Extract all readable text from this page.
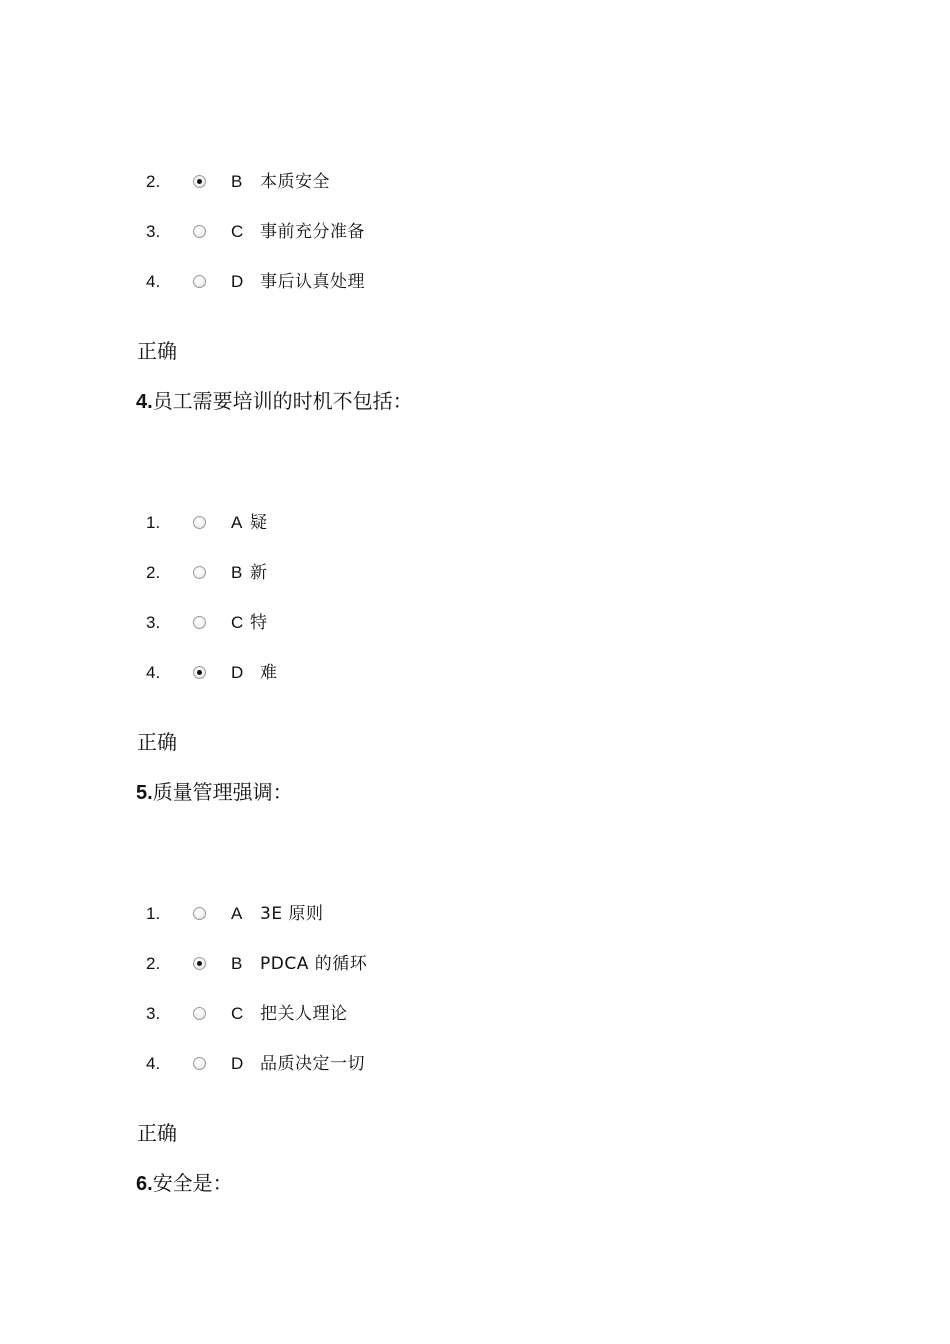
2.	B 本质安全
3.	C 事前充分准备
4.	D 事后认真处理
正确
4.员工需要培训的时机不包括：
1.	A 疑
2.	B 新
3.	C 特
4.	D 难
正确
5.质量管理强调：
1.	A 3E 原则
2.	B PDCA 的循环
3.	C 把关人理论
4.	D 品质决定一切
正确
6.安全是：
